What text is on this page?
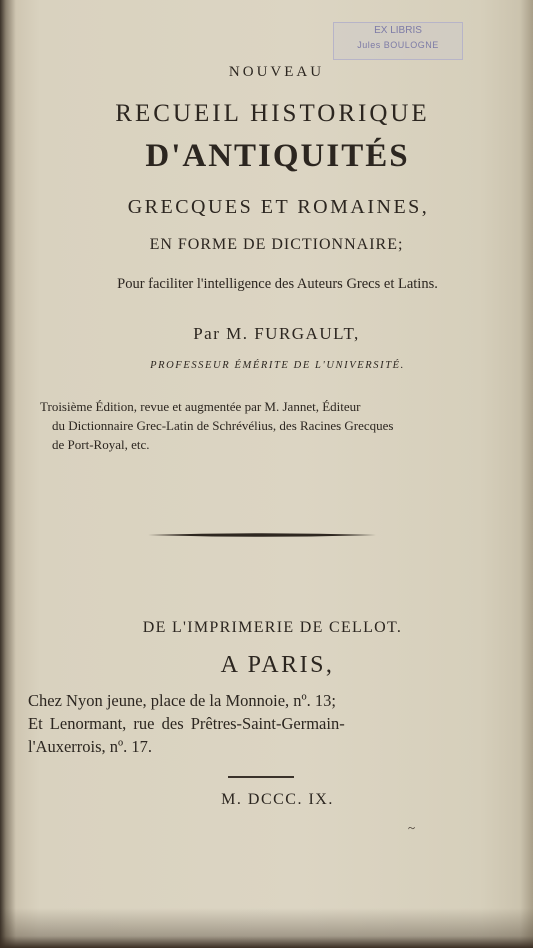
EX LIBRIS
Jules BOULOGNE
NOUVEAU
RECUEIL HISTORIQUE
D'ANTIQUITÉS
GRECQUES ET ROMAINES,
EN FORME DE DICTIONNAIRE;
Pour faciliter l'intelligence des Auteurs Grecs et Latins.
Par M. FURGAULT,
PROFESSEUR ÉMÉRITE DE L'UNIVERSITÉ.
Troisième Édition, revue et augmentée par M. Jannet, Éditeur
du Dictionnaire Grec-Latin de Schrévélius, des Racines Grecques
de Port-Royal, etc.
DE L'IMPRIMERIE DE CELLOT.
A PARIS,
Chez Nyon jeune, place de la Monnoie, nº. 13;
Et Lenormant, rue des Prêtres-Saint-Germain-
l'Auxerrois, nº. 17.
M. DCCC. IX.
~
